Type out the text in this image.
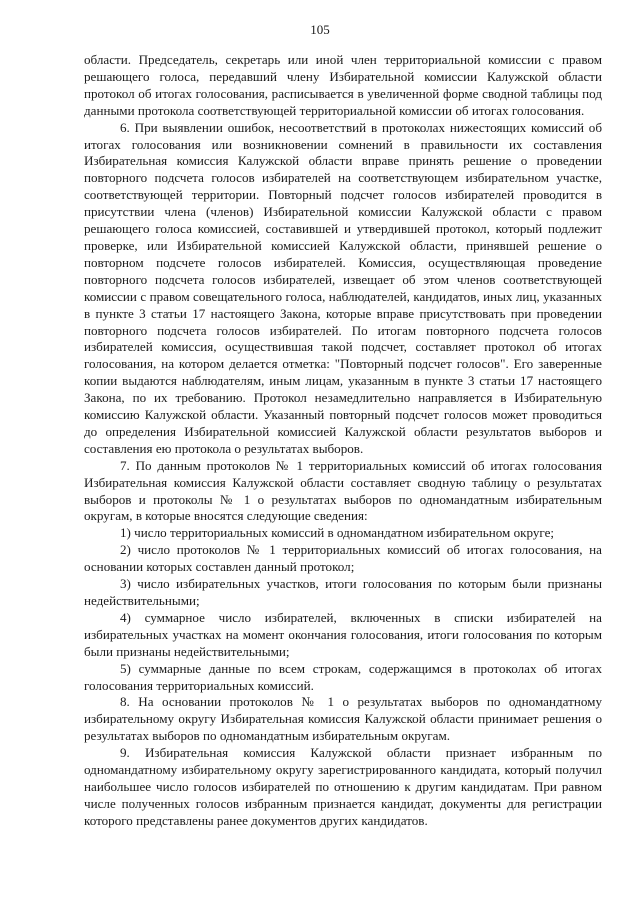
105

области. Председатель, секретарь или иной член территориальной комиссии с правом решающего голоса, передавший члену Избирательной комиссии Калужской области протокол об итогах голосования, расписывается в увеличенной форме сводной таблицы под данными протокола соответствующей территориальной комиссии об итогах голосования.

6. При выявлении ошибок, несоответствий в протоколах нижестоящих комиссий об итогах голосования или возникновении сомнений в правильности их составления Избирательная комиссия Калужской области вправе принять решение о проведении повторного подсчета голосов избирателей на соответствующем избирательном участке, соответствующей территории. Повторный подсчет голосов избирателей проводится в присутствии члена (членов) Избирательной комиссии Калужской области с правом решающего голоса комиссией, составившей и утвердившей протокол, который подлежит проверке, или Избирательной комиссией Калужской области, принявшей решение о повторном подсчете голосов избирателей. Комиссия, осуществляющая проведение повторного подсчета голосов избирателей, извещает об этом членов соответствующей комиссии с правом совещательного голоса, наблюдателей, кандидатов, иных лиц, указанных в пункте 3 статьи 17 настоящего Закона, которые вправе присутствовать при проведении повторного подсчета голосов избирателей. По итогам повторного подсчета голосов избирателей комиссия, осуществившая такой подсчет, составляет протокол об итогах голосования, на котором делается отметка: "Повторный подсчет голосов". Его заверенные копии выдаются наблюдателям, иным лицам, указанным в пункте 3 статьи 17 настоящего Закона, по их требованию. Протокол незамедлительно направляется в Избирательную комиссию Калужской области. Указанный повторный подсчет голосов может проводиться до определения Избирательной комиссией Калужской области результатов выборов и составления ею протокола о результатах выборов.

7. По данным протоколов № 1 территориальных комиссий об итогах голосования Избирательная комиссия Калужской области составляет сводную таблицу о результатах выборов и протоколы № 1 о результатах выборов по одномандатным избирательным округам, в которые вносятся следующие сведения:

1) число территориальных комиссий в одномандатном избирательном округе;

2) число протоколов № 1 территориальных комиссий об итогах голосования, на основании которых составлен данный протокол;

3) число избирательных участков, итоги голосования по которым были признаны недействительными;

4) суммарное число избирателей, включенных в списки избирателей на избирательных участках на момент окончания голосования, итоги голосования по которым были признаны недействительными;

5) суммарные данные по всем строкам, содержащимся в протоколах об итогах голосования территориальных комиссий.

8. На основании протоколов № 1 о результатах выборов по одномандатному избирательному округу Избирательная комиссия Калужской области принимает решения о результатах выборов по одномандатным избирательным округам.

9. Избирательная комиссия Калужской области признает избранным по одномандатному избирательному округу зарегистрированного кандидата, который получил наибольшее число голосов избирателей по отношению к другим кандидатам. При равном числе полученных голосов избранным признается кандидат, документы для регистрации которого представлены ранее документов других кандидатов.
